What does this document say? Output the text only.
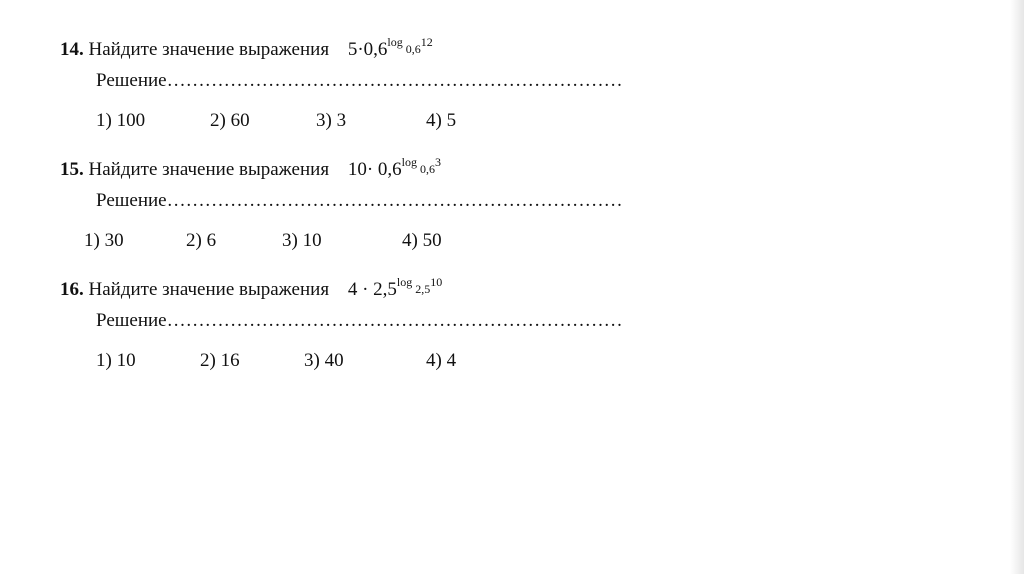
14. Найдите значение выражения $5\cdot 0,6^{log _{0,6}12}$
Решение………………………………………………………………
1) 100	2) 60	3) 3	4) 5
15. Найдите значение выражения $10\cdot 0,6^{log _{0,6}3}$
Решение………………………………………………………………
1) 30	2) 6	3) 10	4) 50
16. Найдите значение выражения $4 \cdot 2,5^{log _{2,5}10}$
Решение………………………………………………………………
1) 10	2) 16	3) 40	4) 4
